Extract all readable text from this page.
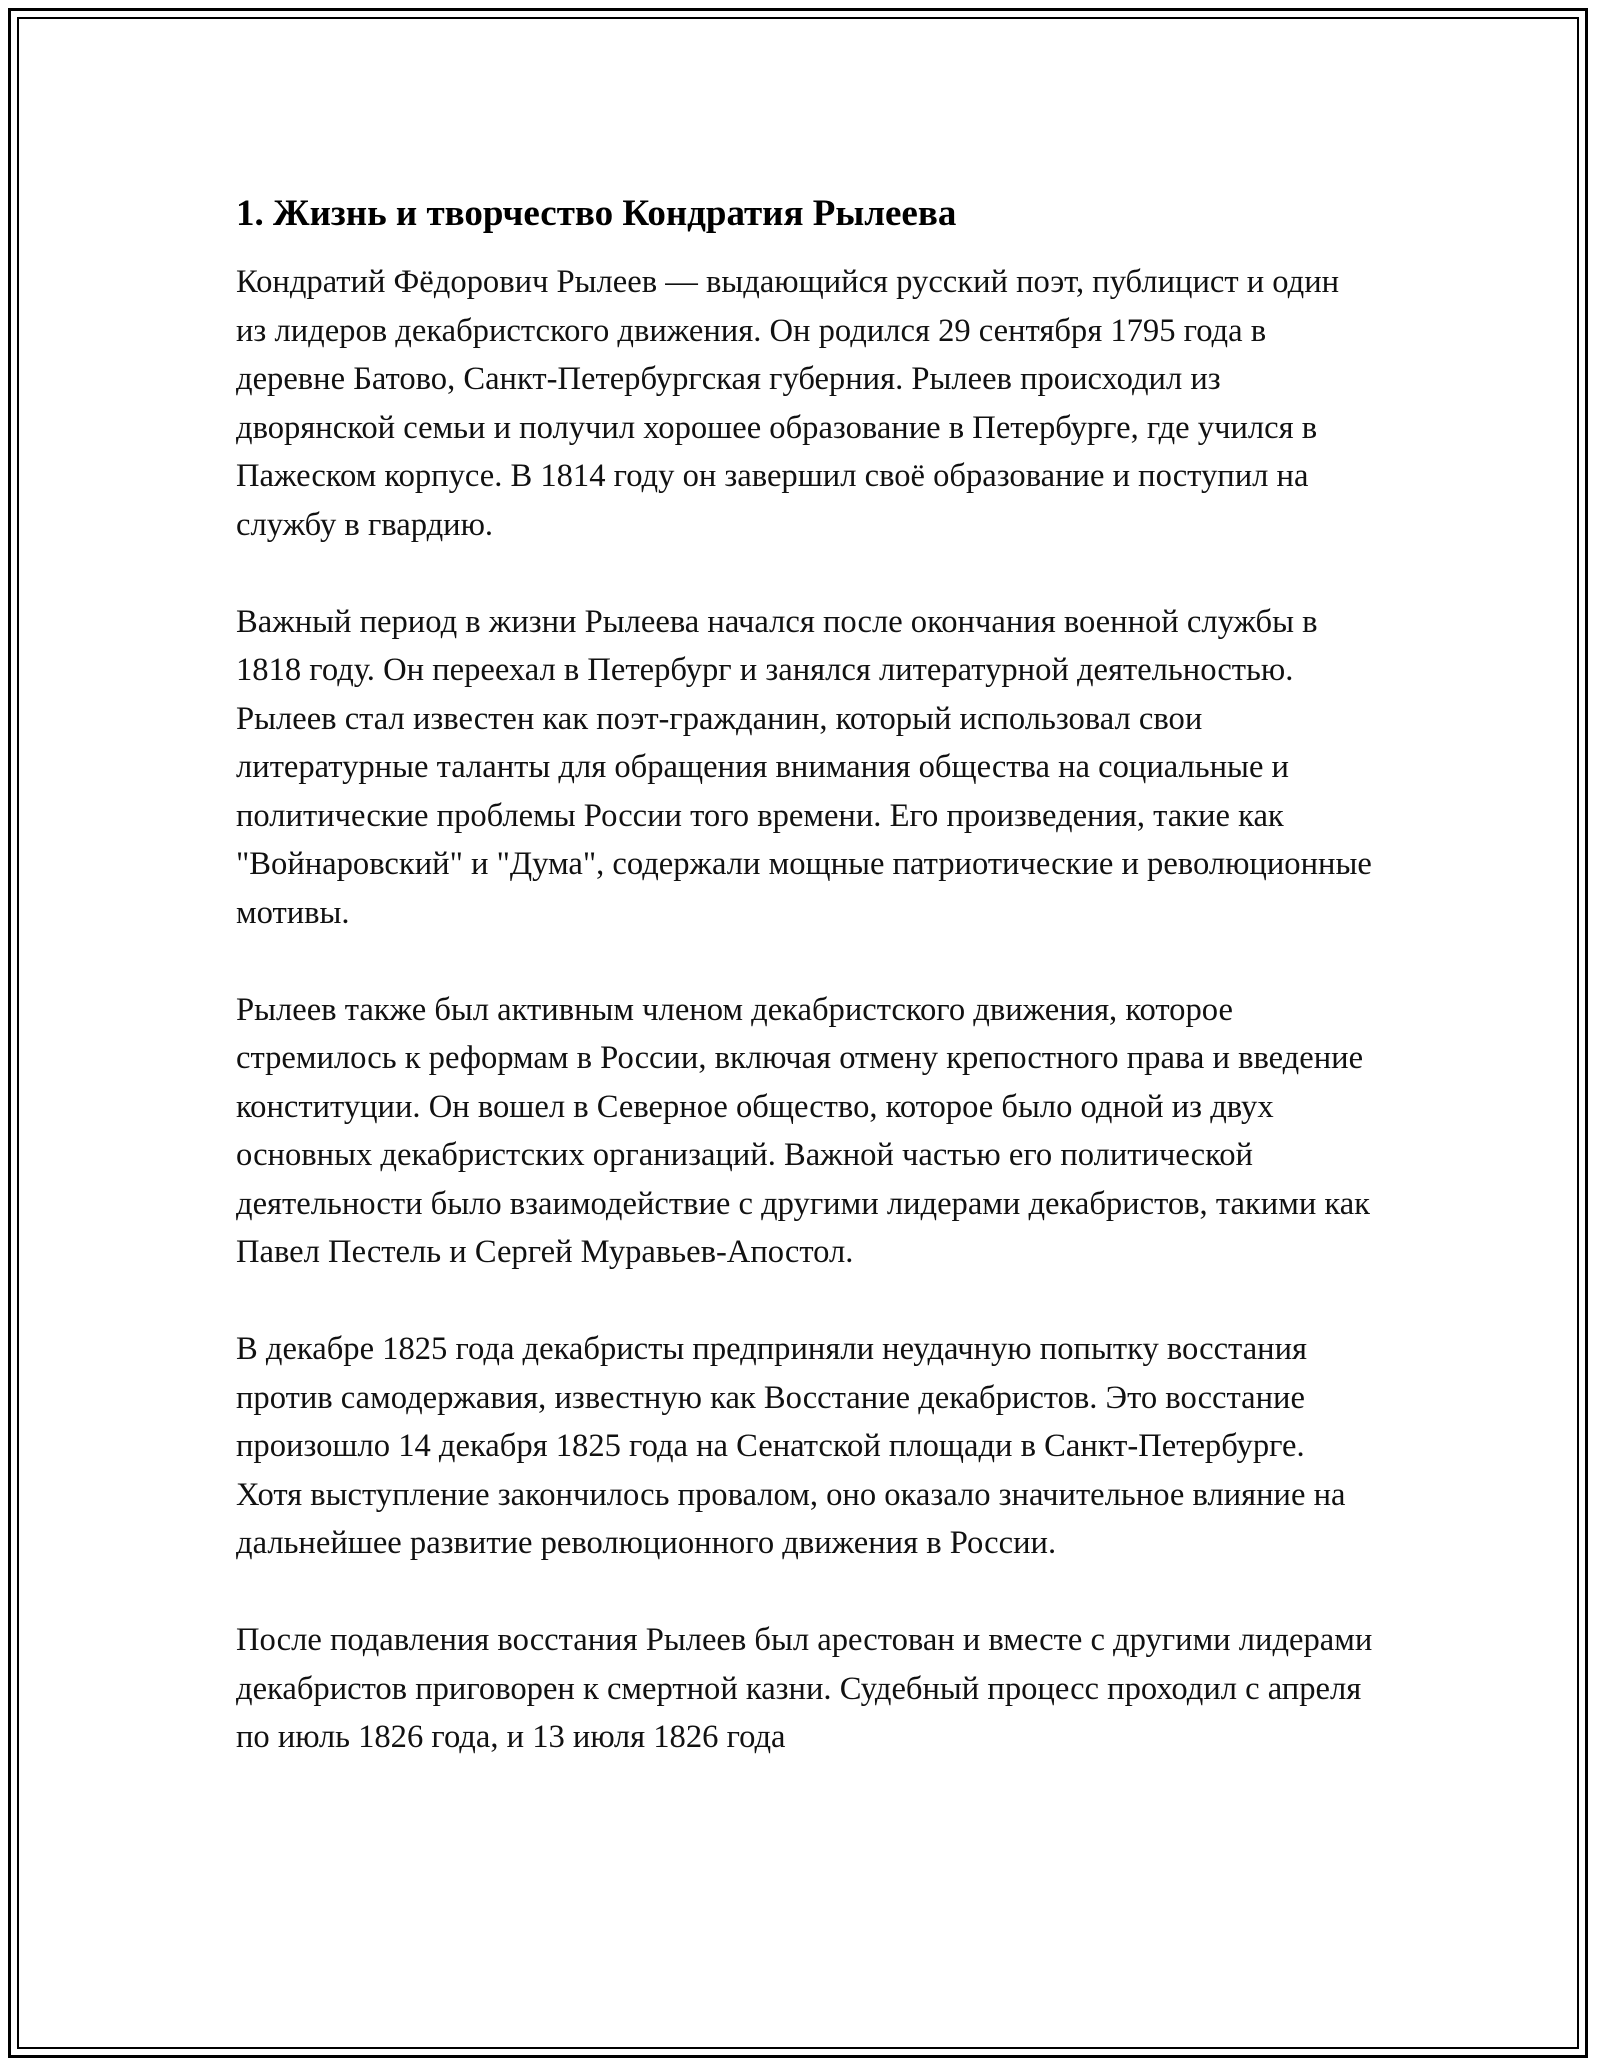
1. Жизнь и творчество Кондратия Рылеева

Кондратий Фёдорович Рылеев — выдающийся русский поэт, публицист и один из лидеров декабристского движения. Он родился 29 сентября 1795 года в деревне Батово, Санкт-Петербургская губерния. Рылеев происходил из дворянской семьи и получил хорошее образование в Петербурге, где учился в Пажеском корпусе. В 1814 году он завершил своё образование и поступил на службу в гвардию.

Важный период в жизни Рылеева начался после окончания военной службы в 1818 году. Он переехал в Петербург и занялся литературной деятельностью. Рылеев стал известен как поэт-гражданин, который использовал свои литературные таланты для обращения внимания общества на социальные и политические проблемы России того времени. Его произведения, такие как "Войнаровский" и "Дума", содержали мощные патриотические и революционные мотивы.

Рылеев также был активным членом декабристского движения, которое стремилось к реформам в России, включая отмену крепостного права и введение конституции. Он вошел в Северное общество, которое было одной из двух основных декабристских организаций. Важной частью его политической деятельности было взаимодействие с другими лидерами декабристов, такими как Павел Пестель и Сергей Муравьев-Апостол.

В декабре 1825 года декабристы предприняли неудачную попытку восстания против самодержавия, известную как Восстание декабристов. Это восстание произошло 14 декабря 1825 года на Сенатской площади в Санкт-Петербурге. Хотя выступление закончилось провалом, оно оказало значительное влияние на дальнейшее развитие революционного движения в России.

После подавления восстания Рылеев был арестован и вместе с другими лидерами декабристов приговорен к смертной казни. Судебный процесс проходил с апреля по июль 1826 года, и 13 июля 1826 года
